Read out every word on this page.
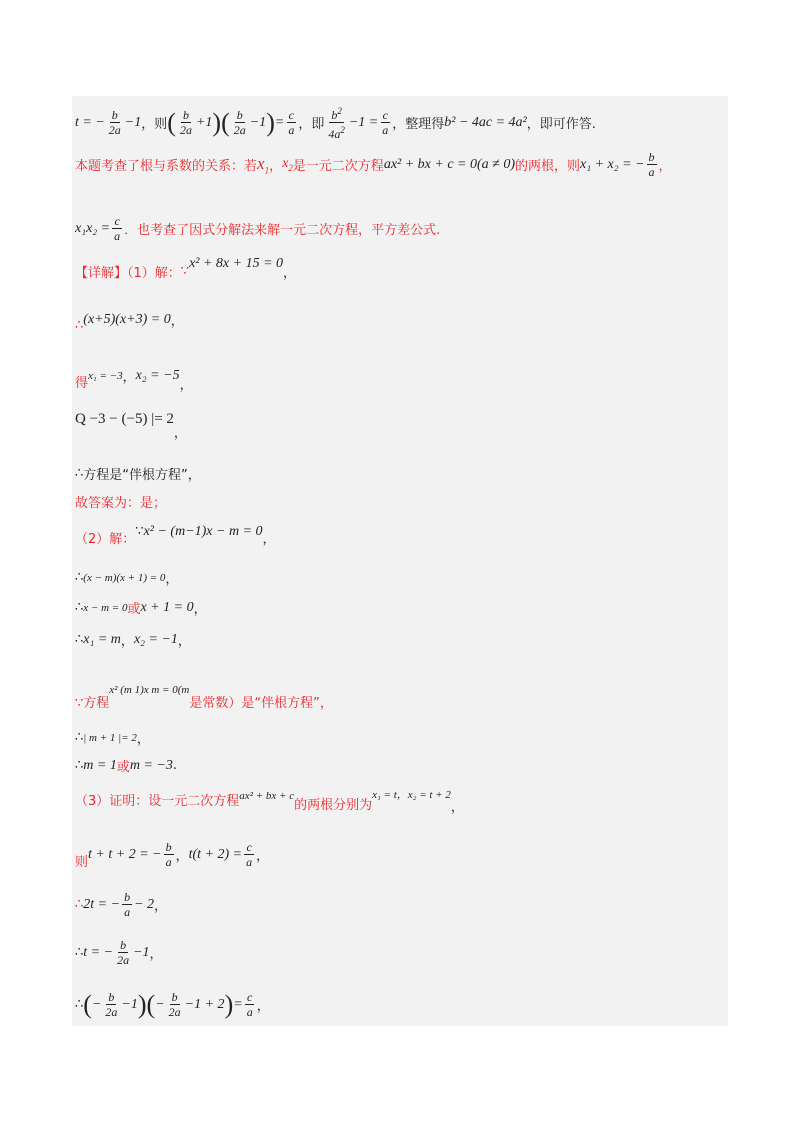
t = − $\frac{b}{2a} -1$ ，则 ( $\frac{b}{2a} +1$ ) ( $\frac{b}{2a} -1$ ) = $\frac{c}{a}$ ，即 $\frac{b^2}{4a^2} -1 = \frac{c}{a}$ ，整理得 b² − 4ac = 4a² ，即可作答.
本题考查了根与系数的关系：若 $x_1$ ， $x_2$ 是一元二次方程 ax² + bx + c = 0(a ≠ 0) 的两根，则 x₁ + x₂ = − $\frac{b}{a}$ ，
$x_1x_2 = \frac{c}{a}$ ．也考查了因式分解法来解一元二次方程，平方差公式.
【详解】（1）解： ∵
x² + 8x + 15 = 0
，
∴ (x+5)(x+3) = 0 ，
得
x₁ = −3 ， x₂ = −5
，
Q −3 − (−5) |= 2
，
∴ 方程是“伴根方程”，
故答案为：是；
（2）解：
∵ x² − (m−1)x − m = 0
，
∴ (x − m)(x + 1) = 0 ，
∴ x − m = 0 或 x + 1 = 0 ，
∴ x₁ = m ， x₂ = −1 ，
∵方程
x² (m 1)x m = 0(m
是常数）是“伴根方程”，
∴ | m + 1 |= 2 ，
∴ m = 1 或 m = −3 .
（3）证明：设一元二次方程 ax² + bx + c
的两根分别为
x₁ = t，x₂ = t + 2
，
则
t + t + 2 = − $\frac{b}{a}$ ， $t(t + 2) = \frac{c}{a}$ ，
∴ 2t = − $\frac{b}{a} - 2$ ，
∴ t = − $\frac{b}{2a} -1$ ，
∴ ( − $\frac{b}{2a} -1$ ) ( − $\frac{b}{2a} -1 + 2$ ) = $\frac{c}{a}$ ，
